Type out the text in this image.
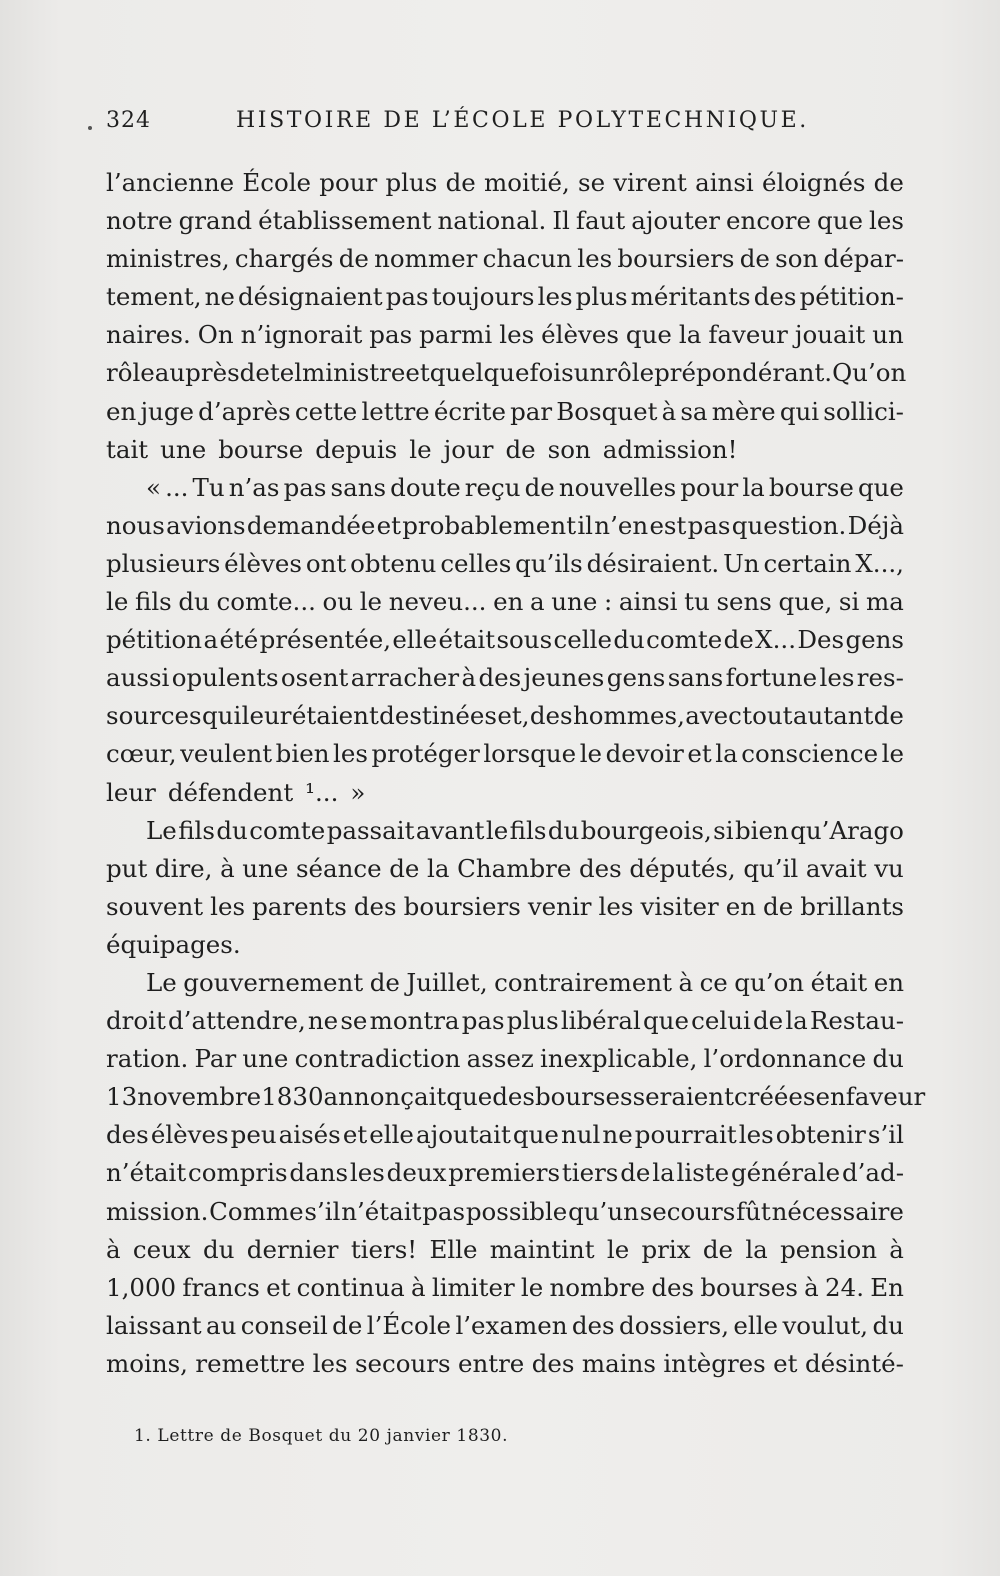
324	HISTOIRE DE L’ÉCOLE POLYTECHNIQUE.
l’ancienne École pour plus de moitié, se virent ainsi éloignés de
notre grand établissement national. Il faut ajouter encore que les
ministres, chargés de nommer chacun les boursiers de son dépar-
tement, ne désignaient pas toujours les plus méritants des pétition-
naires. On n’ignorait pas parmi les élèves que la faveur jouait un
rôle auprès de tel ministre et quelquefois un rôle prépondérant. Qu’on
en juge d’après cette lettre écrite par Bosquet à sa mère qui sollici-
tait une bourse depuis le jour de son admission!
« ... Tu n’as pas sans doute reçu de nouvelles pour la bourse que
nous avions demandée et probablement il n’en est pas question. Déjà
plusieurs élèves ont obtenu celles qu’ils désiraient. Un certain X...,
le fils du comte... ou le neveu... en a une : ainsi tu sens que, si ma
pétition a été présentée, elle était sous celle du comte de X... Des gens
aussi opulents osent arracher à des jeunes gens sans fortune les res-
sources qui leur étaient destinées et, des hommes, avec tout autant de
cœur, veulent bien les protéger lorsque le devoir et la conscience le
leur défendent ¹... »
Le fils du comte passait avant le fils du bourgeois, si bien qu’Arago
put dire, à une séance de la Chambre des députés, qu’il avait vu
souvent les parents des boursiers venir les visiter en de brillants
équipages.
Le gouvernement de Juillet, contrairement à ce qu’on était en
droit d’attendre, ne se montra pas plus libéral que celui de la Restau-
ration. Par une contradiction assez inexplicable, l’ordonnance du
13 novembre 1830 annonçait que des bourses seraient créées en faveur
des élèves peu aisés et elle ajoutait que nul ne pourrait les obtenir s’il
n’était compris dans les deux premiers tiers de la liste générale d’ad-
mission. Comme s’il n’était pas possible qu’un secours fût nécessaire
à ceux du dernier tiers! Elle maintint le prix de la pension à
1,000 francs et continua à limiter le nombre des bourses à 24. En
laissant au conseil de l’École l’examen des dossiers, elle voulut, du
moins, remettre les secours entre des mains intègres et désinté-
1. Lettre de Bosquet du 20 janvier 1830.
